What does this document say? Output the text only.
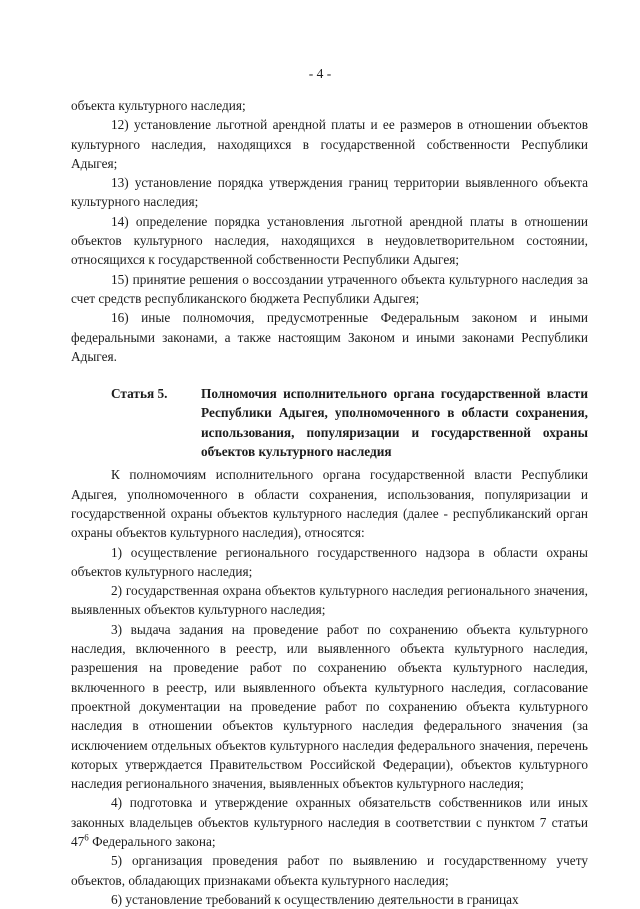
- 4 -

объекта культурного наследия;

12) установление льготной арендной платы и ее размеров в отношении объектов культурного наследия, находящихся в государственной собственности Республики Адыгея;

13) установление порядка утверждения границ территории выявленного объекта культурного наследия;

14) определение порядка установления льготной арендной платы в отношении объектов культурного наследия, находящихся в неудовлетворительном состоянии, относящихся к государственной собственности Республики Адыгея;

15) принятие решения о воссоздании утраченного объекта культурного наследия за счет средств республиканского бюджета Республики Адыгея;

16) иные полномочия, предусмотренные Федеральным законом и иными федеральными законами, а также настоящим Законом и иными законами Республики Адыгея.

Статья 5.	Полномочия исполнительного органа государственной власти Республики Адыгея, уполномоченного в области сохранения, использования, популяризации и государственной охраны объектов культурного наследия

К полномочиям исполнительного органа государственной власти Республики Адыгея, уполномоченного в области сохранения, использования, популяризации и государственной охраны объектов культурного наследия (далее - республиканский орган охраны объектов культурного наследия), относятся:

1) осуществление регионального государственного надзора в области охраны объектов культурного наследия;

2) государственная охрана объектов культурного наследия регионального значения, выявленных объектов культурного наследия;

3) выдача задания на проведение работ по сохранению объекта культурного наследия, включенного в реестр, или выявленного объекта культурного наследия, разрешения на проведение работ по сохранению объекта культурного наследия, включенного в реестр, или выявленного объекта культурного наследия, согласование проектной документации на проведение работ по сохранению объекта культурного наследия в отношении объектов культурного наследия федерального значения (за исключением отдельных объектов культурного наследия федерального значения, перечень которых утверждается Правительством Российской Федерации), объектов культурного наследия регионального значения, выявленных объектов культурного наследия;

4) подготовка и утверждение охранных обязательств собственников или иных законных владельцев объектов культурного наследия в соответствии с пунктом 7 статьи $47^6$ Федерального закона;

5) организация проведения работ по выявлению и государственному учету объектов, обладающих признаками объекта культурного наследия;

6) установление требований к осуществлению деятельности в границах
